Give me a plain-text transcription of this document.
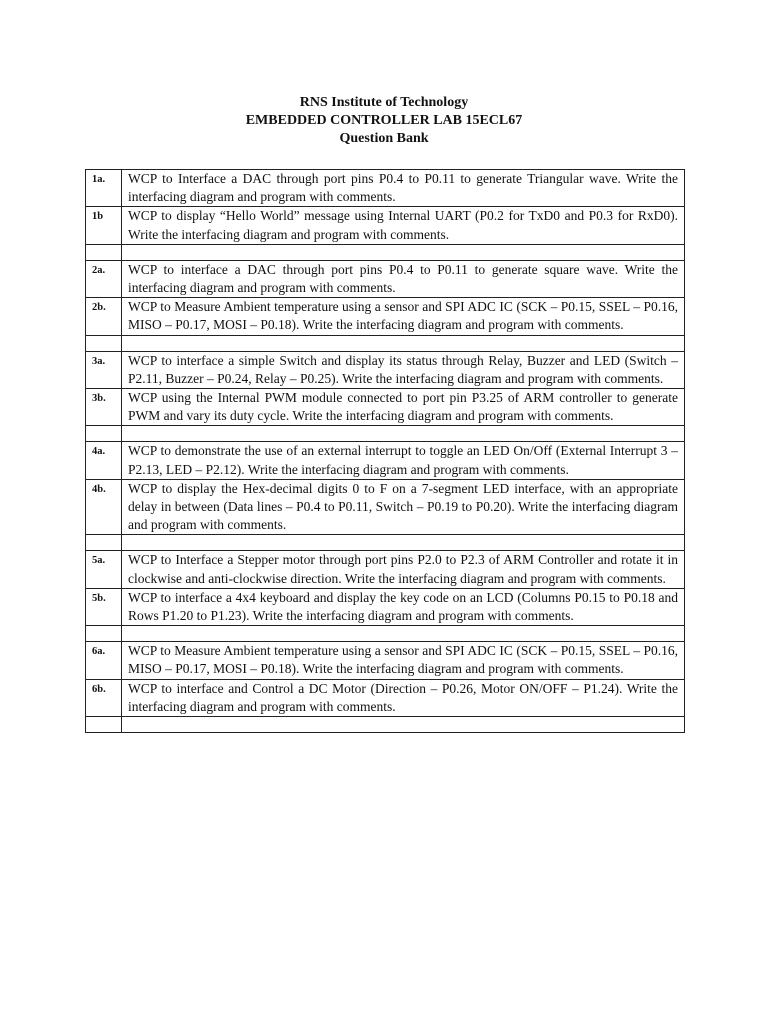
RNS Institute of Technology
EMBEDDED CONTROLLER LAB 15ECL67
Question Bank
1a.	WCP to Interface a DAC through port pins P0.4 to P0.11 to generate Triangular wave. Write the interfacing diagram and program with comments.
1b	WCP to display “Hello World” message using Internal UART (P0.2 for TxD0 and P0.3 for RxD0). Write the interfacing diagram and program with comments.

2a.	WCP to interface a DAC through port pins P0.4 to P0.11 to generate square wave. Write the interfacing diagram and program with comments.
2b.	WCP to Measure Ambient temperature using a sensor and SPI ADC IC (SCK – P0.15, SSEL – P0.16, MISO – P0.17, MOSI – P0.18). Write the interfacing diagram and program with comments.

3a.	WCP to interface a simple Switch and display its status through Relay, Buzzer and LED (Switch – P2.11, Buzzer – P0.24, Relay – P0.25). Write the interfacing diagram and program with comments.
3b.	WCP using the Internal PWM module connected to port pin P3.25 of ARM controller to generate PWM and vary its duty cycle. Write the interfacing diagram and program with comments.

4a.	WCP to demonstrate the use of an external interrupt to toggle an LED On/Off (External Interrupt 3 – P2.13, LED – P2.12). Write the interfacing diagram and program with comments.
4b.	WCP to display the Hex-decimal digits 0 to F on a 7-segment LED interface, with an appropriate delay in between (Data lines – P0.4 to P0.11, Switch – P0.19 to P0.20). Write the interfacing diagram and program with comments.

5a.	WCP to Interface a Stepper motor through port pins P2.0 to P2.3 of ARM Controller and rotate it in clockwise and anti-clockwise direction. Write the interfacing diagram and program with comments.
5b.	WCP to interface a 4x4 keyboard and display the key code on an LCD (Columns P0.15 to P0.18 and Rows P1.20 to P1.23). Write the interfacing diagram and program with comments.

6a.	WCP to Measure Ambient temperature using a sensor and SPI ADC IC (SCK – P0.15, SSEL – P0.16, MISO – P0.17, MOSI – P0.18). Write the interfacing diagram and program with comments.
6b.	WCP to interface and Control a DC Motor (Direction – P0.26, Motor ON/OFF – P1.24). Write the interfacing diagram and program with comments.
